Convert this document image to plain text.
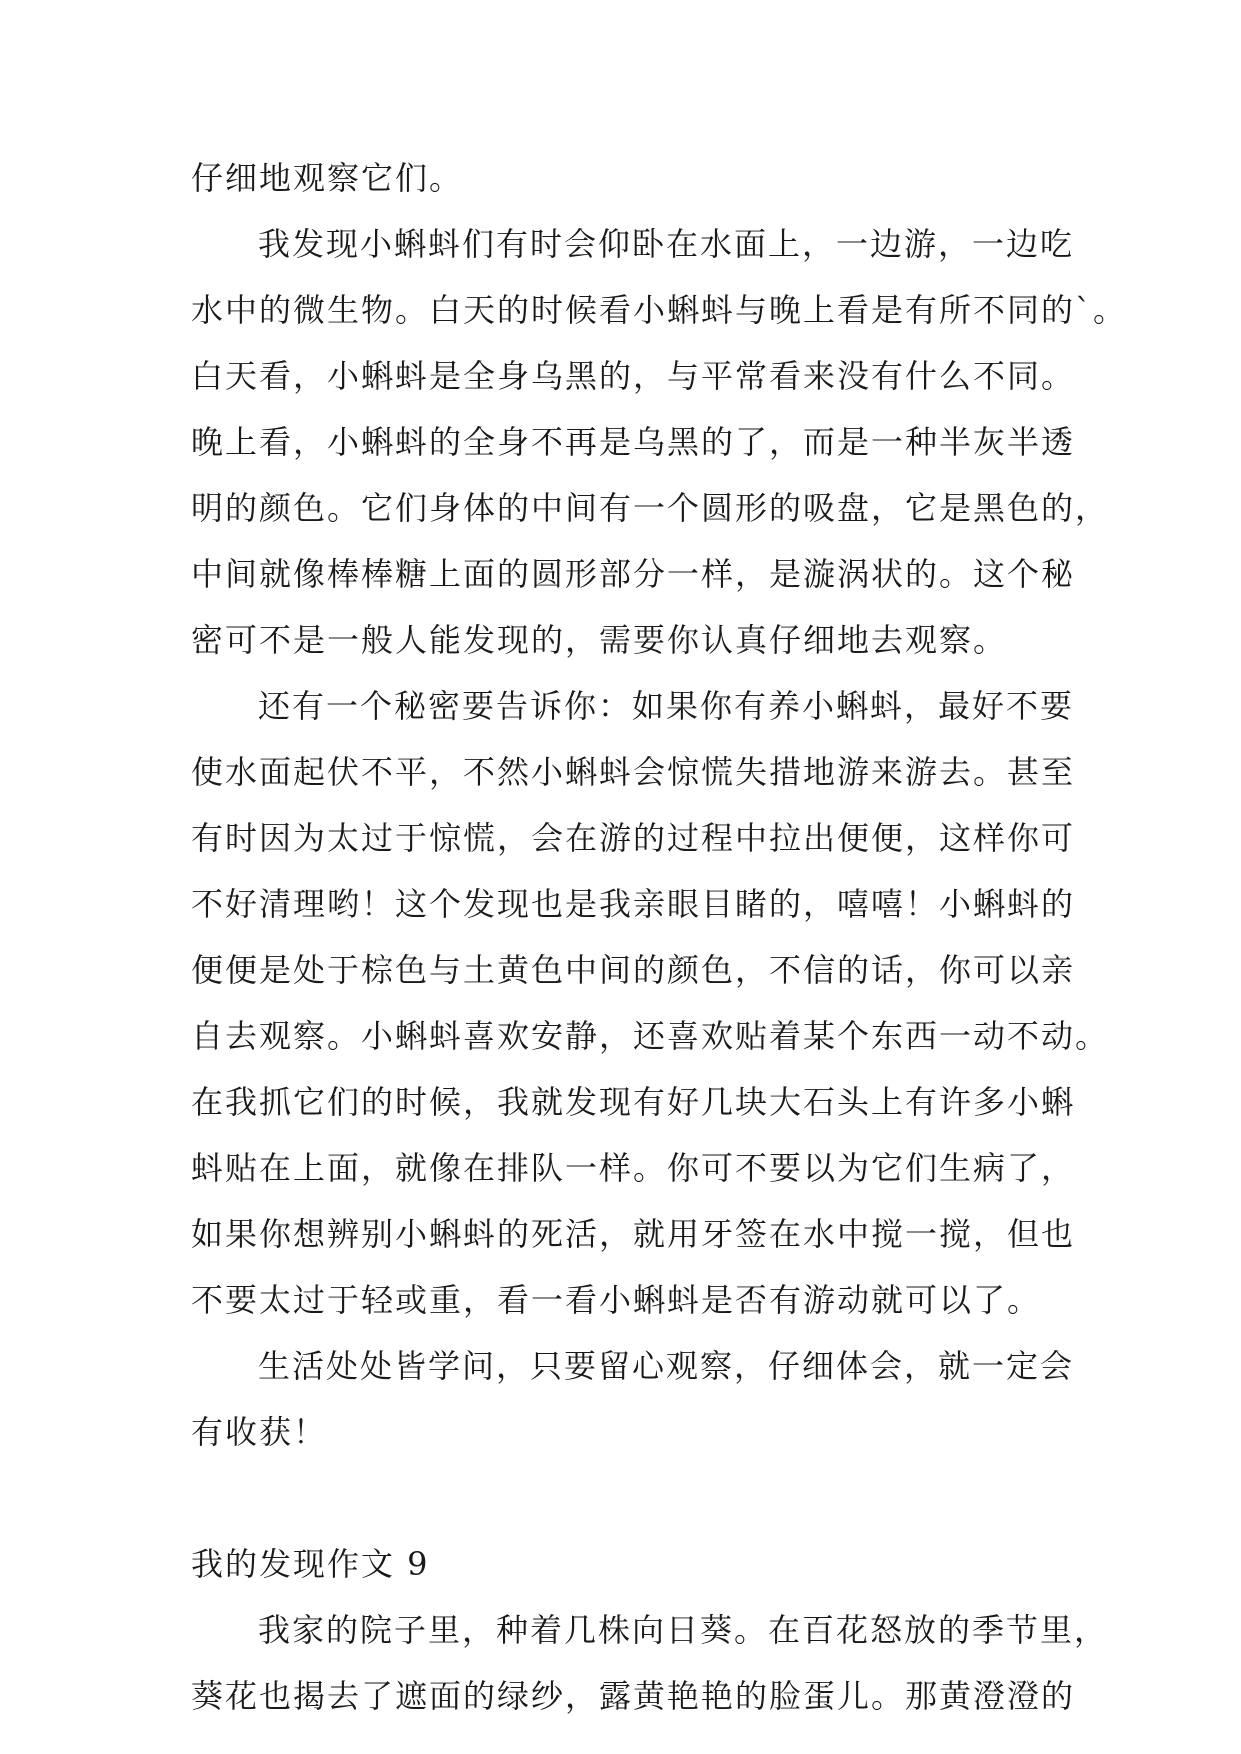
仔细地观察它们。
我发现小蝌蚪们有时会仰卧在水面上，一边游，一边吃
水中的微生物。白天的时候看小蝌蚪与晚上看是有所不同的`。
白天看，小蝌蚪是全身乌黑的，与平常看来没有什么不同。
晚上看，小蝌蚪的全身不再是乌黑的了，而是一种半灰半透
明的颜色。它们身体的中间有一个圆形的吸盘，它是黑色的，
中间就像棒棒糖上面的圆形部分一样，是漩涡状的。这个秘
密可不是一般人能发现的，需要你认真仔细地去观察。
还有一个秘密要告诉你：如果你有养小蝌蚪，最好不要
使水面起伏不平，不然小蝌蚪会惊慌失措地游来游去。甚至
有时因为太过于惊慌，会在游的过程中拉出便便，这样你可
不好清理哟！这个发现也是我亲眼目睹的，嘻嘻！小蝌蚪的
便便是处于棕色与土黄色中间的颜色，不信的话，你可以亲
自去观察。小蝌蚪喜欢安静，还喜欢贴着某个东西一动不动。
在我抓它们的时候，我就发现有好几块大石头上有许多小蝌
蚪贴在上面，就像在排队一样。你可不要以为它们生病了，
如果你想辨别小蝌蚪的死活，就用牙签在水中搅一搅，但也
不要太过于轻或重，看一看小蝌蚪是否有游动就可以了。
生活处处皆学问，只要留心观察，仔细体会，就一定会
有收获！
我的发现作文 9
我家的院子里，种着几株向日葵。在百花怒放的季节里，
葵花也揭去了遮面的绿纱，露黄艳艳的脸蛋儿。那黄澄澄的
